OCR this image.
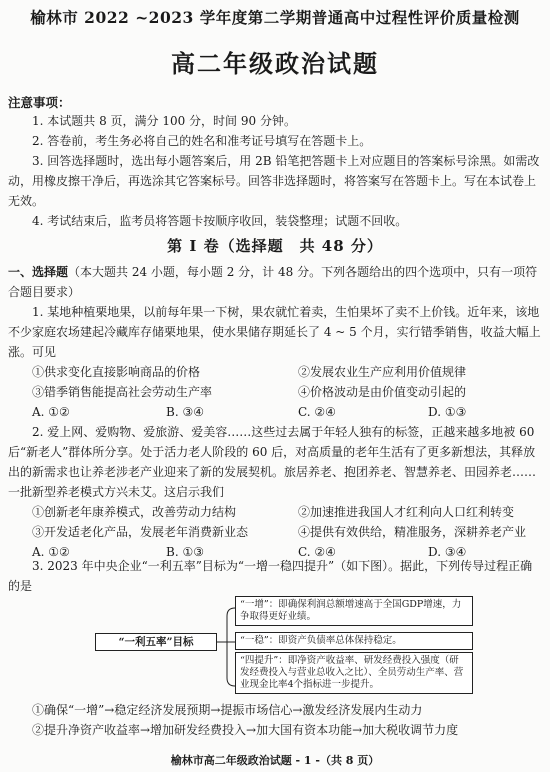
榆林市 2022 ~2023 学年度第二学期普通高中过程性评价质量检测
高二年级政治试题
注意事项：

1. 本试题共 8 页，满分 100 分，时间 90 分钟。

2. 答卷前，考生务必将自己的姓名和准考证号填写在答题卡上。

3. 回答选择题时，选出每小题答案后，用 2B 铅笔把答题卡上对应题目的答案标号涂黑。如需改动，用橡皮擦干净后，再选涂其它答案标号。回答非选择题时，将答案写在答题卡上。写在本试卷上无效。

4. 考试结束后，监考员将答题卡按顺序收回，装袋整理；试题不回收。

第 Ⅰ 卷（选择题　共 48 分）

一、选择题（本大题共 24 小题，每小题 2 分，计 48 分。下列各题给出的四个选项中，只有一项符合题目要求）

1. 某地种植栗地果，以前每年果一下树，果农就忙着卖，生怕果坏了卖不上价钱。近年来，该地不少家庭农场建起冷藏库存储栗地果，使水果储存期延长了 4 ~ 5 个月，实行错季销售，收益大幅上涨。可见

①供求变化直接影响商品的价格	②发展农业生产应利用价值规律
③错季销售能提高社会劳动生产率	④价格波动是由价值变动引起的
A. ①②	B. ③④	C. ②④	D. ①③

2. 爱上网、爱购物、爱旅游、爱美容……这些过去属于年轻人独有的标签，正越来越多地被 60 后“新老人”群体所分享。处于活力老人阶段的 60 后，对高质量的老年生活有了更多新想法，其释放出的新需求也让养老涉老产业迎来了新的发展契机。旅居养老、抱团养老、智慧养老、田园养老……一批新型养老模式方兴未艾。这启示我们

①创新老年康养模式，改善劳动力结构	②加速推进我国人才红利向人口红利转变
③开发适老化产品，发展老年消费新业态	④提供有效供给，精准服务，深耕养老产业
A. ①②	B. ①③	C. ②④	D. ③④

3. 2023 年中央企业“一利五率”目标为“一增一稳四提升”（如下图）。据此，下列传导过程正确的是

“一利五率”目标
“一增”：即确保利润总额增速高于全国GDP增速，力争取得更好业绩。
“一稳”：即资产负债率总体保持稳定。
“四提升”：即净资产收益率、研发经费投入强度（研发经费投入与营业总收入之比）、全员劳动生产率、营业现金比率4个指标进一步提升。

①确保“一增”→稳定经济发展预期→提振市场信心→激发经济发展内生动力

②提升净资产收益率→增加研发经费投入→加大国有资本功能→加大税收调节力度

榆林市高二年级政治试题 - 1 -（共 8 页）
